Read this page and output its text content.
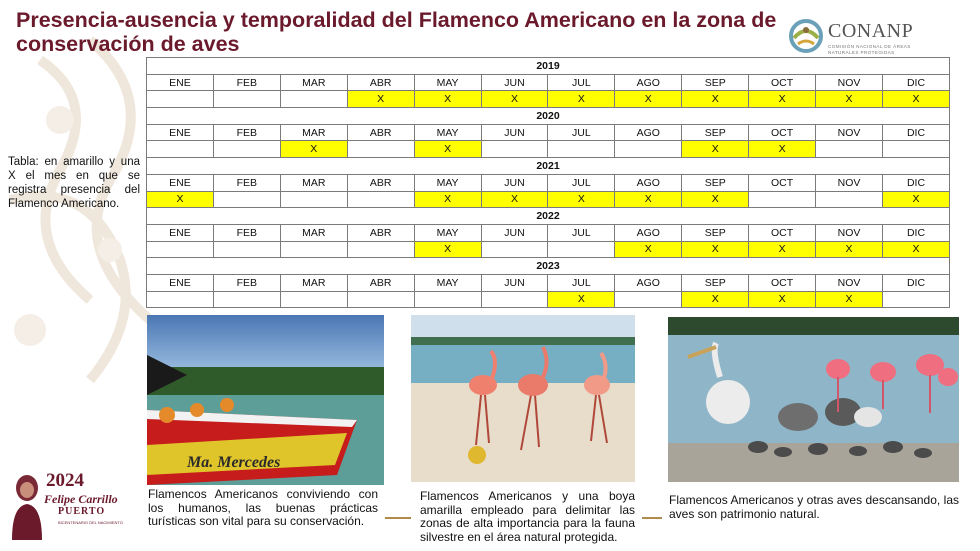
Presencia-ausencia y temporalidad del Flamenco Americano en la zona de conservación de aves
CONANP
COMISIÓN NACIONAL DE ÁREAS NATURALES PROTEGIDAS
Tabla: en amarillo y una X el mes en que se registra presencia del Flamenco Americano.
2019											
ENE	FEB	MAR	ABR	MAY	JUN	JUL	AGO	SEP	OCT	NOV	DIC
			X	X	X	X	X	X	X	X	X
2020											
ENE	FEB	MAR	ABR	MAY	JUN	JUL	AGO	SEP	OCT	NOV	DIC
		X		X				X	X		
2021											
ENE	FEB	MAR	ABR	MAY	JUN	JUL	AGO	SEP	OCT	NOV	DIC
X				X	X	X	X	X			X
2022											
ENE	FEB	MAR	ABR	MAY	JUN	JUL	AGO	SEP	OCT	NOV	DIC
				X			X	X	X	X	X
2023											
ENE	FEB	MAR	ABR	MAY	JUN	JUL	AGO	SEP	OCT	NOV	DIC
						X		X	X	X	
Ma. Mercedes
Flamencos Americanos conviviendo con los humanos, las buenas prácticas turísticas son vital para su conservación.
Flamencos Americanos y una boya amarilla empleado para delimitar las zonas de alta importancia para la fauna silvestre en el área natural protegida.
Flamencos Americanos y otras aves descansando, las aves son patrimonio natural.
2024
Felipe Carrillo
PUERTO
BICENTENARIO DEL NACIMIENTO
